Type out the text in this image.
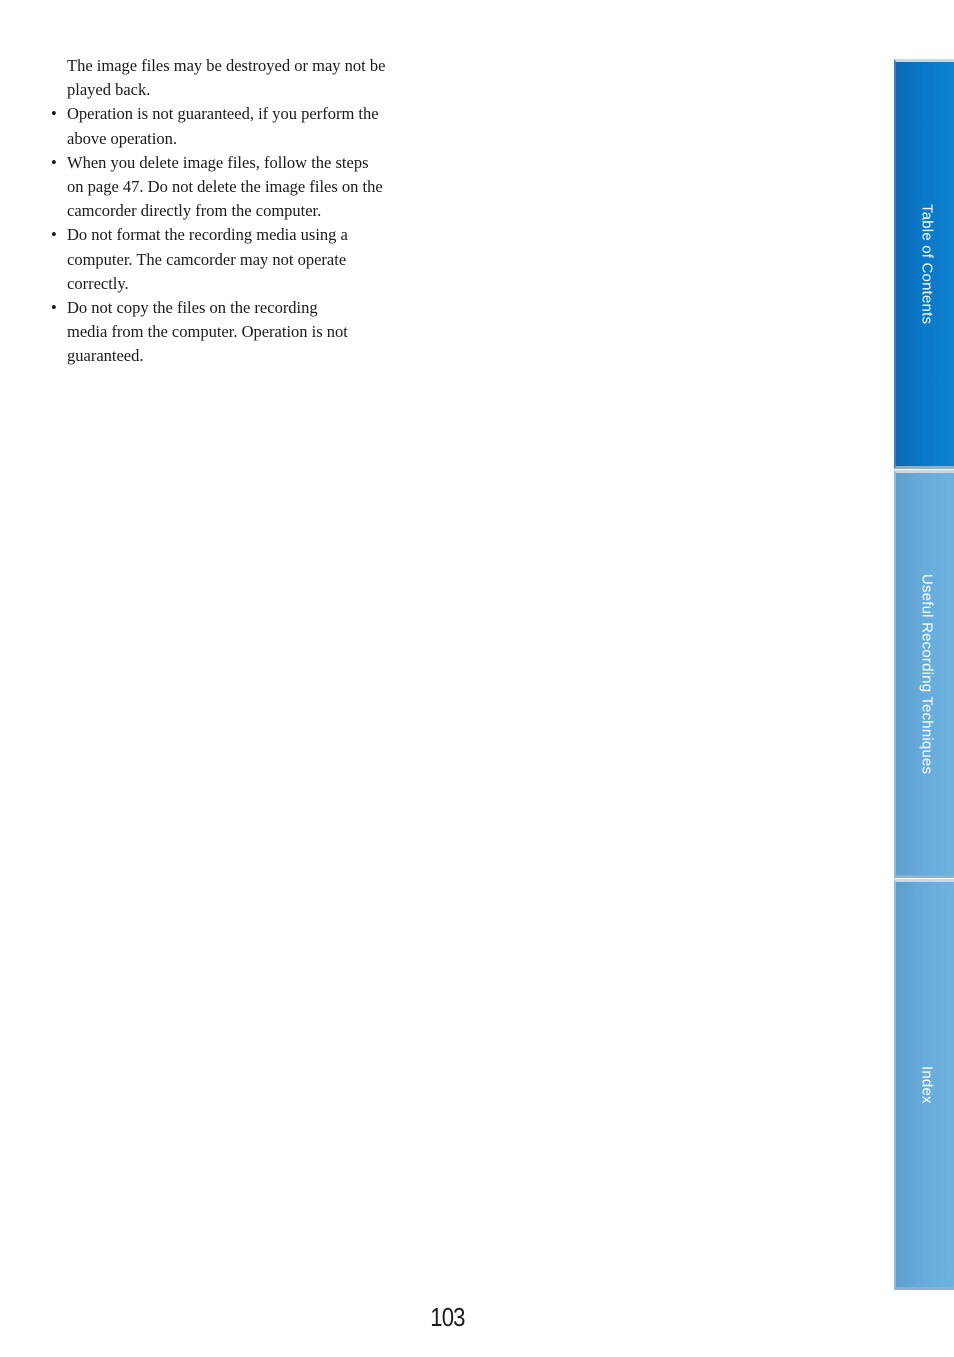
The image files may be destroyed or may not be
played back.

• Operation is not guaranteed, if you perform the
above operation.

• When you delete image files, follow the steps
on page 47. Do not delete the image files on the
camcorder directly from the computer.

• Do not format the recording media using a
computer. The camcorder may not operate
correctly.

• Do not copy the files on the recording
media from the computer. Operation is not
guaranteed.

Table of Contents
Useful Recording Techniques
Index
103
